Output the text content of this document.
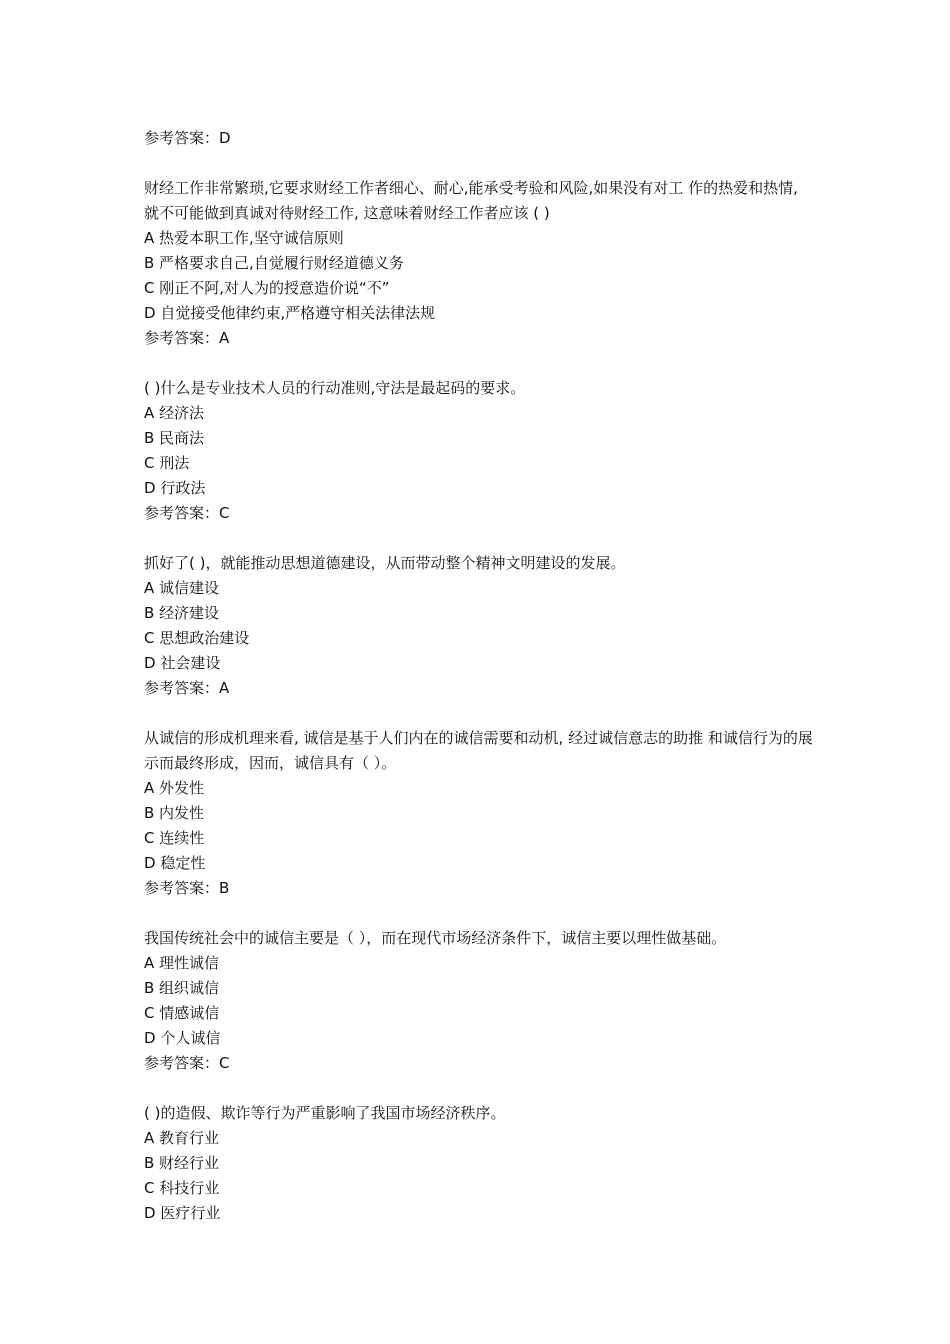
参考答案：D
财经工作非常繁琐,它要求财经工作者细心、耐心,能承受考验和风险,如果没有对工 作的热爱和热情, 就不可能做到真诚对待财经工作, 这意味着财经工作者应该 ( )
A 热爱本职工作,坚守诚信原则
B 严格要求自己,自觉履行财经道德义务
C 刚正不阿,对人为的授意造价说“不”
D 自觉接受他律约束,严格遵守相关法律法规
参考答案：A
( )什么是专业技术人员的行动准则,守法是最起码的要求。
A 经济法
B 民商法
C 刑法
D 行政法
参考答案：C
抓好了( )，就能推动思想道德建设，从而带动整个精神文明建设的发展。
A 诚信建设
B 经济建设
C 思想政治建设
D 社会建设
参考答案：A
从诚信的形成机理来看, 诚信是基于人们内在的诚信需要和动机, 经过诚信意志的助推 和诚信行为的展示而最终形成，因而，诚信具有（ ）。
A 外发性
B 内发性
C 连续性
D 稳定性
参考答案：B
我国传统社会中的诚信主要是（ ），而在现代市场经济条件下，诚信主要以理性做基础。
A 理性诚信
B 组织诚信
C 情感诚信
D 个人诚信
参考答案：C
( )的造假、欺诈等行为严重影响了我国市场经济秩序。
A 教育行业
B 财经行业
C 科技行业
D 医疗行业
